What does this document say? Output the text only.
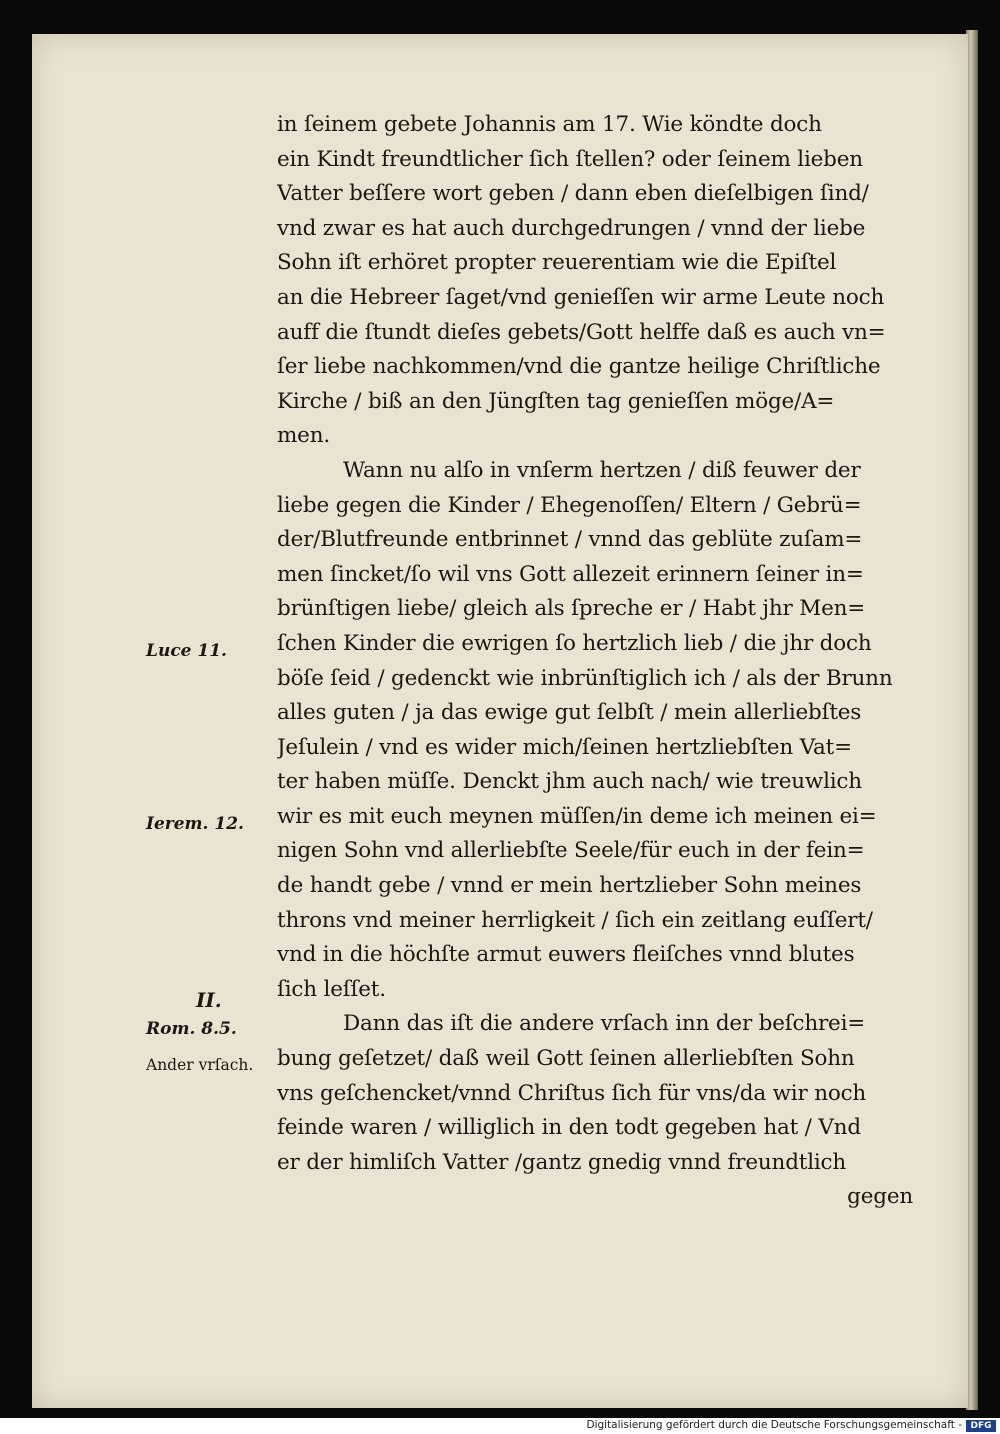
in ſeinem gebete Johannis am 17. Wie köndte doch
ein Kindt freundtlicher ſich ſtellen? oder ſeinem lieben
Vatter beſſere wort geben / dann eben dieſelbigen ſind/
vnd zwar es hat auch durchgedrungen / vnnd der liebe
Sohn iſt erhöret propter reuerentiam wie die Epiſtel
an die Hebreer ſaget/vnd genieſſen wir arme Leute noch
auff die ſtundt dieſes gebets/Gott helffe daß es auch vn=
ſer liebe nachkommen/vnd die gantze heilige Chriſtliche
Kirche / biß an den Jüngſten tag genieſſen möge/A=
men.
Wann nu alſo in vnſerm hertzen / diß feuwer der
liebe gegen die Kinder / Ehegenoſſen/ Eltern / Gebrü=
der/Blutfreunde entbrinnet / vnnd das geblüte zuſam=
men ſincket/ſo wil vns Gott allezeit erinnern ſeiner in=
brünſtigen liebe/ gleich als ſpreche er / Habt jhr Men=
ſchen Kinder die ewrigen ſo hertzlich lieb / die jhr doch
böſe ſeid / gedenckt wie inbrünſtiglich ich / als der Brunn
alles guten / ja das ewige gut ſelbſt / mein allerliebſtes
Jeſulein / vnd es wider mich/ſeinen hertzliebſten Vat=
ter haben müſſe. Denckt jhm auch nach/ wie treuwlich
wir es mit euch meynen müſſen/in deme ich meinen ei=
nigen Sohn vnd allerliebſte Seele/für euch in der fein=
de handt gebe / vnnd er mein hertzlieber Sohn meines
throns vnd meiner herrligkeit / ſich ein zeitlang euſſert/
vnd in die höchſte armut euwers fleiſches vnnd blutes
ſich leſſet.
Dann das iſt die andere vrſach inn der beſchrei=
bung geſetzet/ daß weil Gott ſeinen allerliebſten Sohn
vns geſchencket/vnnd Chriſtus ſich für vns/da wir noch
feinde waren / williglich in den todt gegeben hat / Vnd
er der himliſch Vatter /gantz gnedig vnnd freundtlich
gegen
Luce 11.
Ierem. 12.
II.
Rom. 8.5.
Ander vrſach.
Digitalisierung gefördert durch die Deutsche Forschungsgemeinschaft - DFG
